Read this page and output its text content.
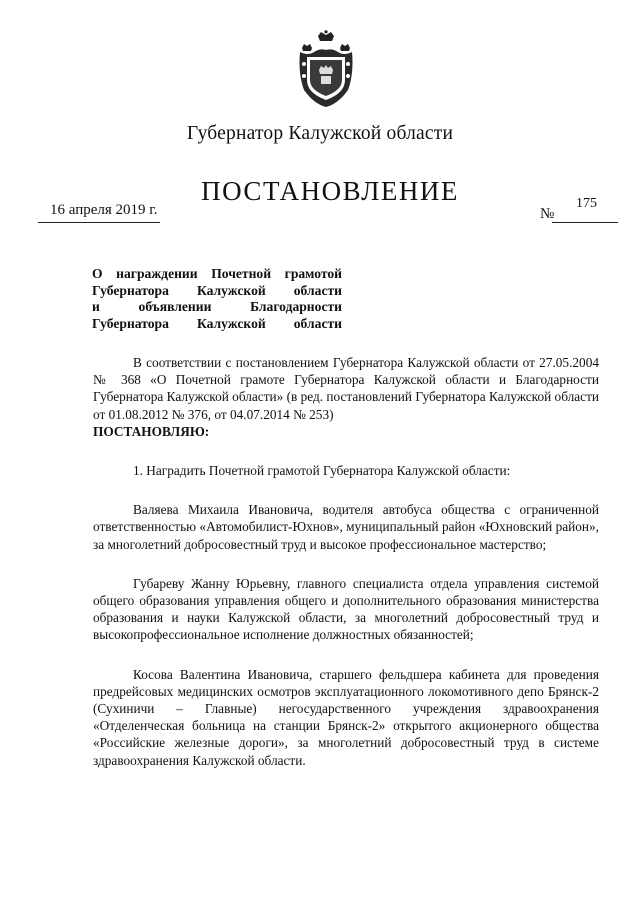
Губернатор Калужской области
ПОСТАНОВЛЕНИЕ
16 апреля 2019 г.	№
175
О награждении Почетной грамотой
Губернатора Калужской области
и объявлении Благодарности
Губернатора Калужской области

В соответствии с постановлением Губернатора Калужской области от 27.05.2004 № 368 «О Почетной грамоте Губернатора Калужской области и Благодарности Губернатора Калужской области» (в ред. постановлений Губернатора Калужской области от 01.08.2012 № 376, от 04.07.2014 № 253)

ПОСТАНОВЛЯЮ:

1. Наградить Почетной грамотой Губернатора Калужской области:

Валяева Михаила Ивановича, водителя автобуса общества с ограниченной ответственностью «Автомобилист-Юхнов», муниципальный район «Юхновский район», за многолетний добросовестный труд и высокое профессиональное мастерство;

Губареву Жанну Юрьевну, главного специалиста отдела управления системой общего образования управления общего и дополнительного образования министерства образования и науки Калужской области, за многолетний добросовестный труд и высокопрофессиональное исполнение должностных обязанностей;

Косова Валентина Ивановича, старшего фельдшера кабинета для проведения предрейсовых медицинских осмотров эксплуатационного локомотивного депо Брянск-2 (Сухиничи – Главные) негосударственного учреждения здравоохранения «Отделенческая больница на станции Брянск-2» открытого акционерного общества «Российские железные дороги», за многолетний добросовестный труд в системе здравоохранения Калужской области.
